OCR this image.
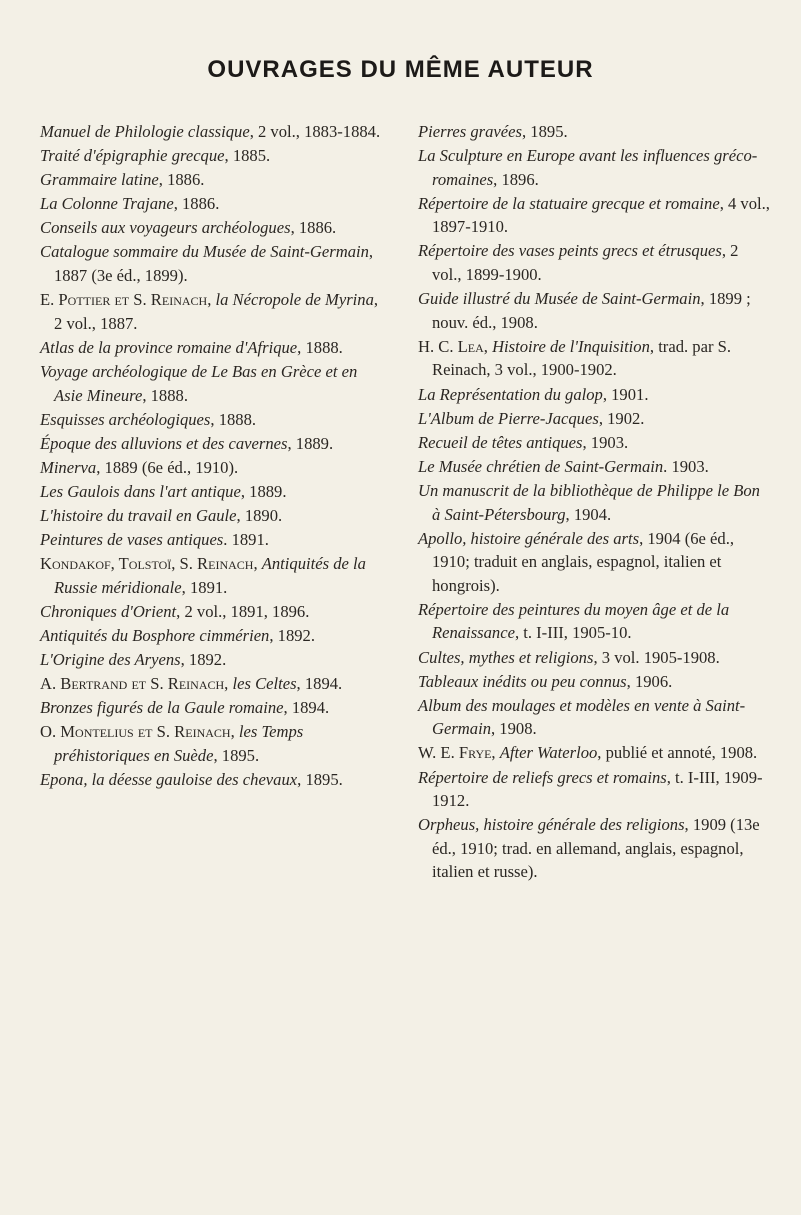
OUVRAGES DU MÊME AUTEUR
Manuel de Philologie classique, 2 vol., 1883-1884.
Traité d'épigraphie grecque, 1885.
Grammaire latine, 1886.
La Colonne Trajane, 1886.
Conseils aux voyageurs archéologues, 1886.
Catalogue sommaire du Musée de Saint-Germain, 1887 (3e éd., 1899).
E. Pottier et S. Reinach, la Nécropole de Myrina, 2 vol., 1887.
Atlas de la province romaine d'Afrique, 1888.
Voyage archéologique de Le Bas en Grèce et en Asie Mineure, 1888.
Esquisses archéologiques, 1888.
Époque des alluvions et des cavernes, 1889.
Minerva, 1889 (6e éd., 1910).
Les Gaulois dans l'art antique, 1889.
L'histoire du travail en Gaule, 1890.
Peintures de vases antiques. 1891.
Kondakof, Tolstoï, S. Reinach, Antiquités de la Russie méridionale, 1891.
Chroniques d'Orient, 2 vol., 1891, 1896.
Antiquités du Bosphore cimmérien, 1892.
L'Origine des Aryens, 1892.
A. Bertrand et S. Reinach, les Celtes, 1894.
Bronzes figurés de la Gaule romaine, 1894.
O. Montelius et S. Reinach, les Temps préhistoriques en Suède, 1895.
Epona, la déesse gauloise des chevaux, 1895.
Pierres gravées, 1895.
La Sculpture en Europe avant les influences gréco-romaines, 1896.
Répertoire de la statuaire grecque et romaine, 4 vol., 1897-1910.
Répertoire des vases peints grecs et étrusques, 2 vol., 1899-1900.
Guide illustré du Musée de Saint-Germain, 1899 ; nouv. éd., 1908.
H. C. Lea, Histoire de l'Inquisition, trad. par S. Reinach, 3 vol., 1900-1902.
La Représentation du galop, 1901.
L'Album de Pierre-Jacques, 1902.
Recueil de têtes antiques, 1903.
Le Musée chrétien de Saint-Germain. 1903.
Un manuscrit de la bibliothèque de Philippe le Bon à Saint-Pétersbourg, 1904.
Apollo, histoire générale des arts, 1904 (6e éd., 1910; traduit en anglais, espagnol, italien et hongrois).
Répertoire des peintures du moyen âge et de la Renaissance, t. I-III, 1905-10.
Cultes, mythes et religions, 3 vol. 1905-1908.
Tableaux inédits ou peu connus, 1906.
Album des moulages et modèles en vente à Saint-Germain, 1908.
W. E. Frye, After Waterloo, publié et annoté, 1908.
Répertoire de reliefs grecs et romains, t. I-III, 1909-1912.
Orpheus, histoire générale des religions, 1909 (13e éd., 1910; trad. en allemand, anglais, espagnol, italien et russe).
